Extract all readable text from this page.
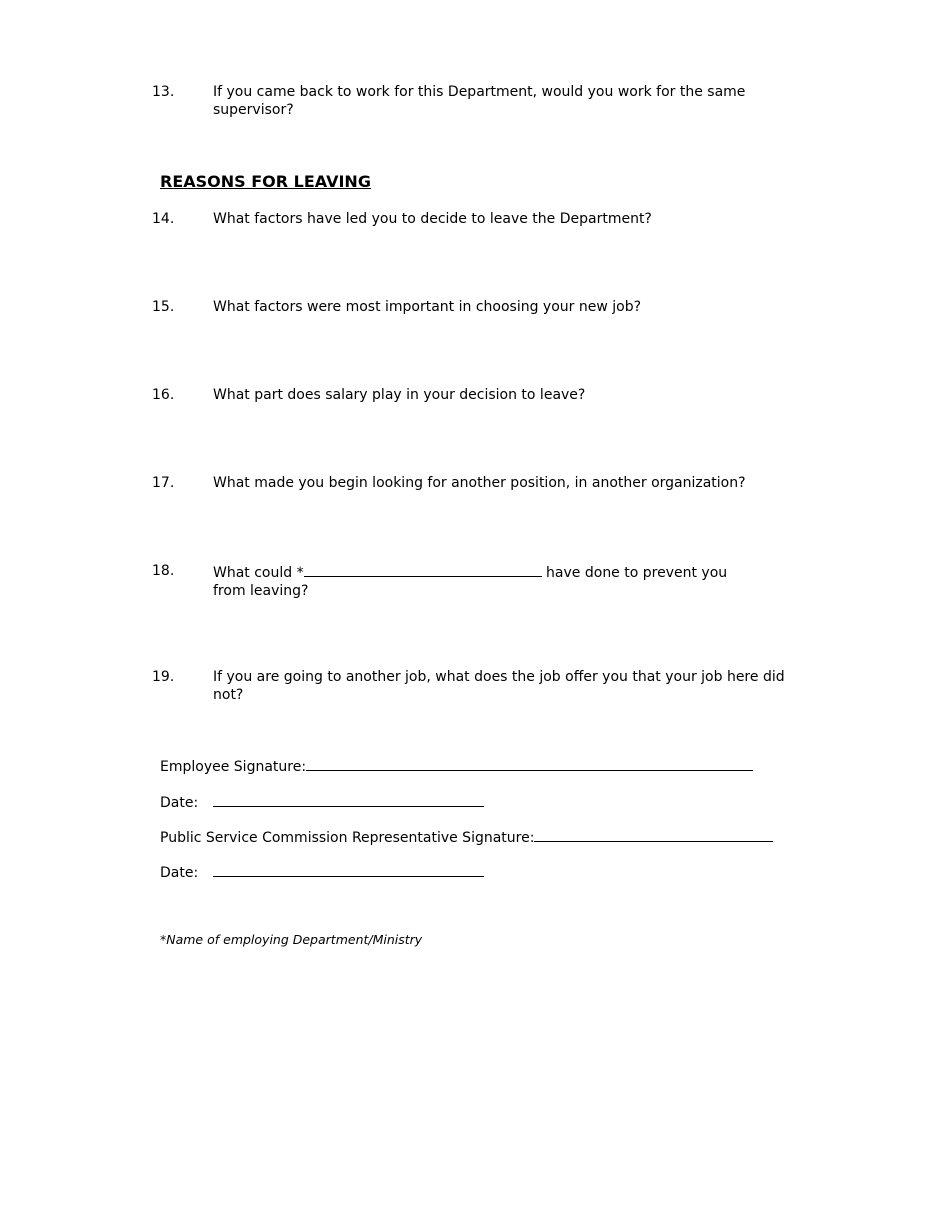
13.	If you came back to work for this Department, would you work for the same supervisor?
REASONS FOR LEAVING
14.	What factors have led you to decide to leave the Department?
15.	What factors were most important in choosing your new job?
16.	What part does salary play in your decision to leave?
17.	What made you begin looking for another position, in another organization?
18.	What could *	have done to prevent you from leaving?
19.	If you are going to another job, what does the job offer you that your job here did not?
Employee Signature:
Date:
Public Service Commission Representative Signature:
Date:
*Name of employing Department/Ministry
